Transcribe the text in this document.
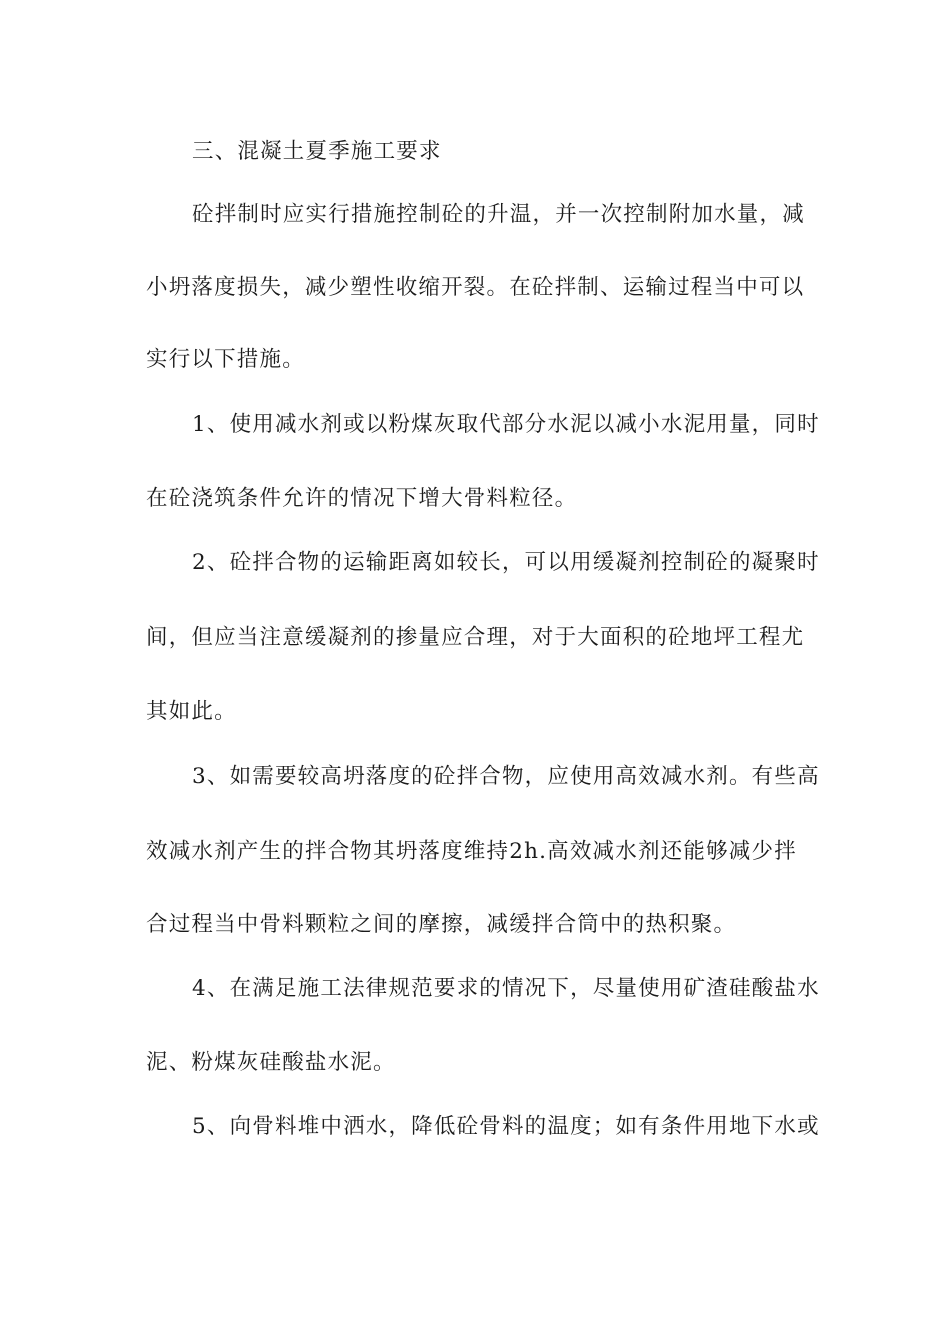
三、混凝土夏季施工要求
砼拌制时应实行措施控制砼的升温，并一次控制附加水量，减
小坍落度损失，减少塑性收缩开裂。在砼拌制、运输过程当中可以
实行以下措施。
1、使用减水剂或以粉煤灰取代部分水泥以减小水泥用量，同时
在砼浇筑条件允许的情况下增大骨料粒径。
2、砼拌合物的运输距离如较长，可以用缓凝剂控制砼的凝聚时
间，但应当注意缓凝剂的掺量应合理，对于大面积的砼地坪工程尤
其如此。
3、如需要较高坍落度的砼拌合物，应使用高效减水剂。有些高
效减水剂产生的拌合物其坍落度维持2h.高效减水剂还能够减少拌
合过程当中骨料颗粒之间的摩擦，减缓拌合筒中的热积聚。
4、在满足施工法律规范要求的情况下，尽量使用矿渣硅酸盐水
泥、粉煤灰硅酸盐水泥。
5、向骨料堆中洒水，降低砼骨料的温度；如有条件用地下水或
